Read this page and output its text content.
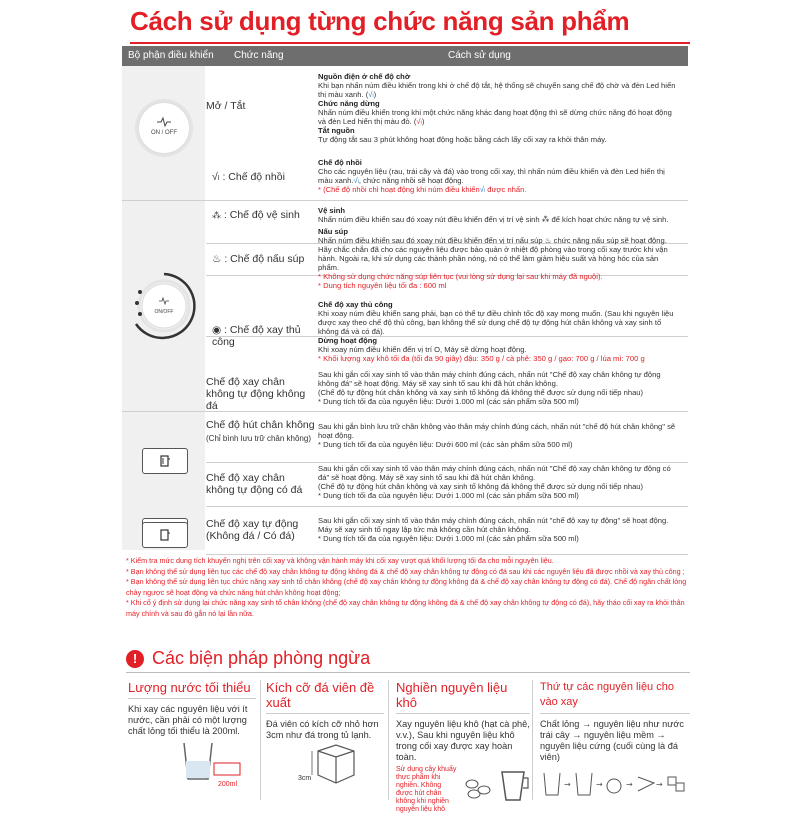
Cách sử dụng từng chức năng sản phẩm
Bộ phận điều khiển Chức năng	Cách sử dụng
ON / OFF
ON/OFF
Mở / Tắt
Nguồn điện ở chế độ chờ
Khi bạn nhấn núm điều khiển trong khi ở chế độ tắt, hệ thống sẽ chuyển sang chế độ chờ và đèn Led hiển thị màu xanh. (√ₗ)
Chức năng dừng
Nhấn núm điều khiển trong khi một chức năng khác đang hoạt động thì sẽ dừng chức năng đó hoạt động và đèn Led hiển thị màu đỏ. (√ₗ)
Tắt nguồn
Tự động tắt sau 3 phút không hoạt động hoặc bằng cách lấy cối xay ra khỏi thân máy.
√ₗ : Chế độ nhồi
Chế độ nhồi
Cho các nguyên liệu (rau, trái cây và đá) vào trong cối xay, thì nhấn núm điều khiển và đèn Led hiển thị màu xanh.√ₗ, chức năng nhồi sẽ hoạt động.
* (Chế độ nhồi chỉ hoạt động khi núm điều khiển√ₗ được nhấn.
⁂ : Chế độ vệ sinh	Vệ sinh
Nhấn núm điều khiển sau đó xoay nút điều khiển đến vị trí vệ sinh ⁂ để kích hoạt chức năng tự vệ sinh.
♨ : Chế độ nấu súp
Nấu súp
Nhấn núm điều khiển sau đó xoay nút điều khiển đến vị trí nấu súp ♨ chức năng nấu súp sẽ hoạt động. Hãy chắc chắn đã cho các nguyên liệu được bảo quản ở nhiệt độ phòng vào trong cối xay trước khi vận hành. Ngoài ra, khi sử dụng các thành phần nóng, nó có thể làm giảm hiệu suất và hỏng hóc của sản phẩm.
* Không sử dụng chức năng súp liên tục (vui lòng sử dụng lại sau khi máy đã nguội).
* Dung tích nguyên liệu tối đa : 600 ml
◉ : Chế độ xay thủ công
Chế độ xay thủ công
Khi xoay núm điều khiển sang phải, bạn có thể tự điều chỉnh tốc độ xay mong muốn. (Sau khi nguyên liệu được xay theo chế độ thủ công, bạn không thể sử dụng chế độ tự động hút chân không và xay sinh tố không đá và có đá).
Dừng hoạt động
Khi xoay núm điều khiển đến vị trí O, Máy sẽ dừng hoạt động.
* Khối lượng xay khô tối đa (tối đa 90 giây) đậu: 350 g / cà phê: 350 g / gạo: 700 g / lúa mì: 700 g
Chế độ xay chân không tự động không đá
Sau khi gắn cối xay sinh tố vào thân máy chính đúng cách, nhấn nút "Chế độ xay chân không tự động không đá" sẽ hoạt động. Máy sẽ xay sinh tố sau khi đã hút chân không.
(Chế độ tự động hút chân không và xay sinh tố không đá không thể được sử dụng nối tiếp nhau)
* Dung tích tối đa của nguyên liệu: Dưới 1.000 ml (các sản phẩm sữa 500 ml)
Chế độ hút chân không
(Chỉ bình lưu trữ chân không)
Sau khi gắn bình lưu trữ chân không vào thân máy chính đúng cách, nhấn nút "chế độ hút chân không" sẽ hoạt động.
* Dung tích tối đa của nguyên liệu: Dưới 600 ml (các sản phẩm sữa 500 ml)
Chế độ xay chân không tự động có đá
Sau khi gắn cối xay sinh tố vào thân máy chính đúng cách, nhấn nút "Chế độ xay chân không tự động có đá" sẽ hoạt động. Máy sẽ xay sinh tố sau khi đã hút chân không.
(Chế độ tự động hút chân không và xay sinh tố không đá không thể được sử dụng nối tiếp nhau)
* Dung tích tối đa của nguyên liệu: Dưới 1.000 ml (các sản phẩm sữa 500 ml)
Chế độ xay tự động (Không đá / Có đá)
Sau khi gắn cối xay sinh tố vào thân máy chính đúng cách, nhấn nút "chế độ xay tự động" sẽ hoạt động. Máy sẽ xay sinh tố ngay lập tức mà không cần hút chân không.
* Dung tích tối đa của nguyên liệu: Dưới 1.000 ml (các sản phẩm sữa 500 ml)
* Kiểm tra mức dung tích khuyến nghị trên cối xay và không vận hành máy khi cối xay vượt quá khối lượng tối đa cho mỗi nguyên liệu.
* Bạn không thể sử dụng liên tục các chế độ xay chân không tự động không đá & chế độ xay chân không tự động có đá sau khi các nguyên liệu đã được nhồi và xay thủ công ;
* Bạn không thể sử dụng liên tục chức năng xay sinh tố chân không (chế độ xay chân không tự động không đá & chế độ xay chân không tự động có đá). Chế độ ngăn chất lỏng chảy ngược sẽ hoạt động và chức năng hút chân không hoạt động;
* Khi cố ý định sử dụng lại chức năng xay sinh tố chân không (chế độ xay chân không tự động không đá & chế độ xay chân không tự động có đá), hãy tháo cối xay ra khỏi thân máy chính và sau đó gắn nó lại lần nữa.
! Các biện pháp phòng ngừa
Lượng nước tối thiểu
Khi xay các nguyên liệu với ít nước, cần phải có một lượng chất lỏng tối thiểu là 200ml.
200ml
Kích cỡ đá viên đề xuất
Đá viên có kích cỡ nhỏ hơn 3cm như đá trong tủ lạnh.
3cm
Nghiền nguyên liệu khô
Xay nguyên liệu khô (hạt cà phê, v.v.), Sau khi nguyên liệu khô trong cối xay được xay hoàn toàn.
Sử dụng cây khuấy thực phẩm khi nghiền. Không được hút chân không khi nghiền nguyên liệu khô
Thứ tự các nguyên liệu cho vào xay
Chất lỏng → nguyên liệu như nước trái cây → nguyên liệu mềm → nguyên liệu cứng (cuối cùng là đá viên)
→	→	→	→
